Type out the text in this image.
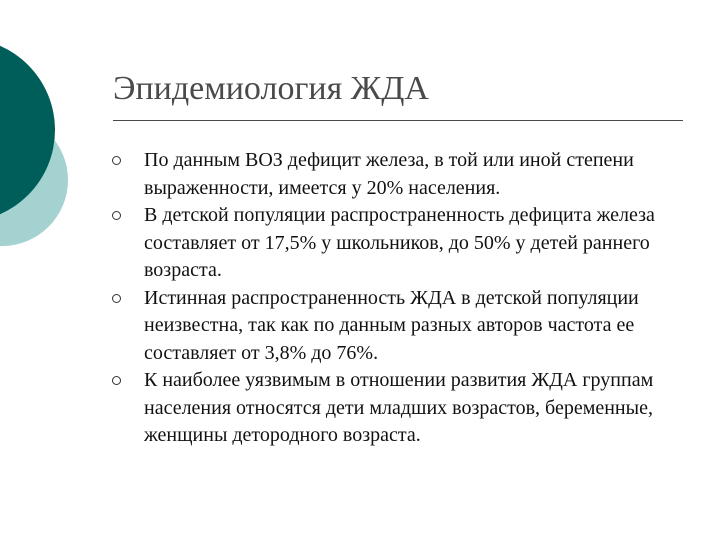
Эпидемиология ЖДА
По данным ВОЗ дефицит железа, в той или иной степени выраженности, имеется у 20% населения.
В детской популяции распространенность дефицита железа составляет от 17,5% у школьников, до 50% у детей раннего возраста.
Истинная распространенность ЖДА в детской популяции неизвестна, так как по данным разных авторов частота ее составляет от 3,8% до 76%.
К наиболее уязвимым в отношении развития ЖДА группам населения относятся дети младших возрастов, беременные, женщины детородного возраста.
